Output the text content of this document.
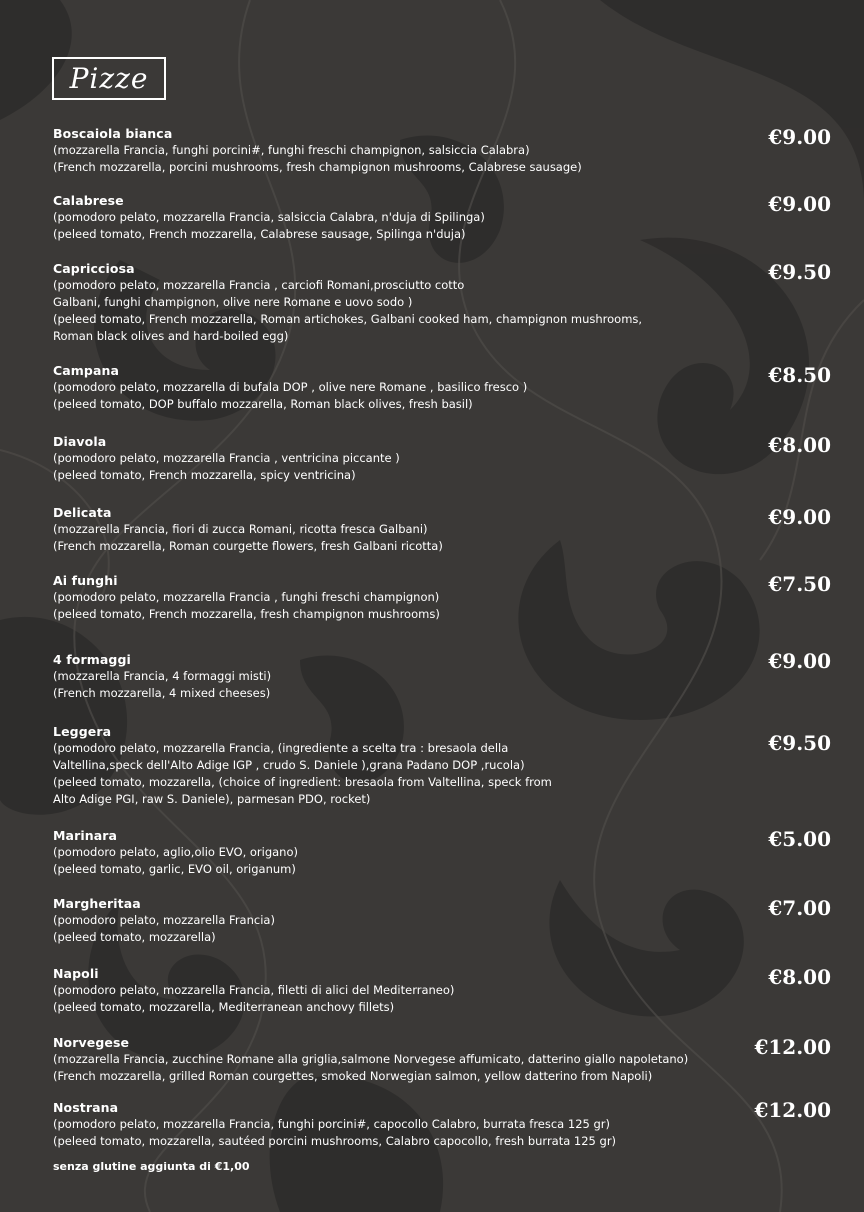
Pizze
Boscaiola bianca

(mozzarella Francia, funghi porcini#, funghi freschi champignon, salsiccia Calabra)

(French mozzarella, porcini mushrooms, fresh champignon mushrooms, Calabrese sausage)

€9.00
Calabrese

(pomodoro pelato, mozzarella Francia, salsiccia Calabra, n'duja di Spilinga)

(peleed tomato, French mozzarella, Calabrese sausage, Spilinga n'duja)

€9.00
Capricciosa

(pomodoro pelato, mozzarella Francia , carciofi Romani,prosciutto cotto

Galbani, funghi champignon, olive nere Romane e uovo sodo )

(peleed tomato, French mozzarella, Roman artichokes, Galbani cooked ham, champignon mushrooms,

Roman black olives and hard-boiled egg)

€9.50
Campana

(pomodoro pelato, mozzarella di bufala DOP , olive nere Romane , basilico fresco )

(peleed tomato, DOP buffalo mozzarella, Roman black olives, fresh basil)

€8.50
Diavola

(pomodoro pelato, mozzarella Francia , ventricina piccante )

(peleed tomato, French mozzarella, spicy ventricina)

€8.00
Delicata

(mozzarella Francia, fiori di zucca Romani, ricotta fresca Galbani)

(French mozzarella, Roman courgette flowers, fresh Galbani ricotta)

€9.00
Ai funghi

(pomodoro pelato, mozzarella Francia , funghi freschi champignon)

(peleed tomato, French mozzarella, fresh champignon mushrooms)

€7.50
4 formaggi

(mozzarella Francia, 4 formaggi misti)

(French mozzarella, 4 mixed cheeses)

€9.00
Leggera

(pomodoro pelato, mozzarella Francia, (ingrediente a scelta tra : bresaola della

Valtellina,speck dell'Alto Adige IGP , crudo S. Daniele ),grana Padano DOP ,rucola)

(peleed tomato, mozzarella, (choice of ingredient: bresaola from Valtellina, speck from

Alto Adige PGI, raw S. Daniele), parmesan PDO, rocket)

€9.50
Marinara

(pomodoro pelato, aglio,olio EVO, origano)

(peleed tomato, garlic, EVO oil, origanum)

€5.00
Margheritaa

(pomodoro pelato, mozzarella Francia)

(peleed tomato, mozzarella)

€7.00
Napoli

(pomodoro pelato, mozzarella Francia, filetti di alici del Mediterraneo)

(peleed tomato, mozzarella, Mediterranean anchovy fillets)

€8.00
Norvegese

(mozzarella Francia, zucchine Romane alla griglia,salmone Norvegese affumicato, datterino giallo napoletano)

(French mozzarella, grilled Roman courgettes, smoked Norwegian salmon, yellow datterino from Napoli)

€12.00
Nostrana

(pomodoro pelato, mozzarella Francia, funghi porcini#, capocollo Calabro, burrata fresca 125 gr)

(peleed tomato, mozzarella, sautéed porcini mushrooms, Calabro capocollo, fresh burrata 125 gr)

€12.00
senza glutine aggiunta di €1,00
